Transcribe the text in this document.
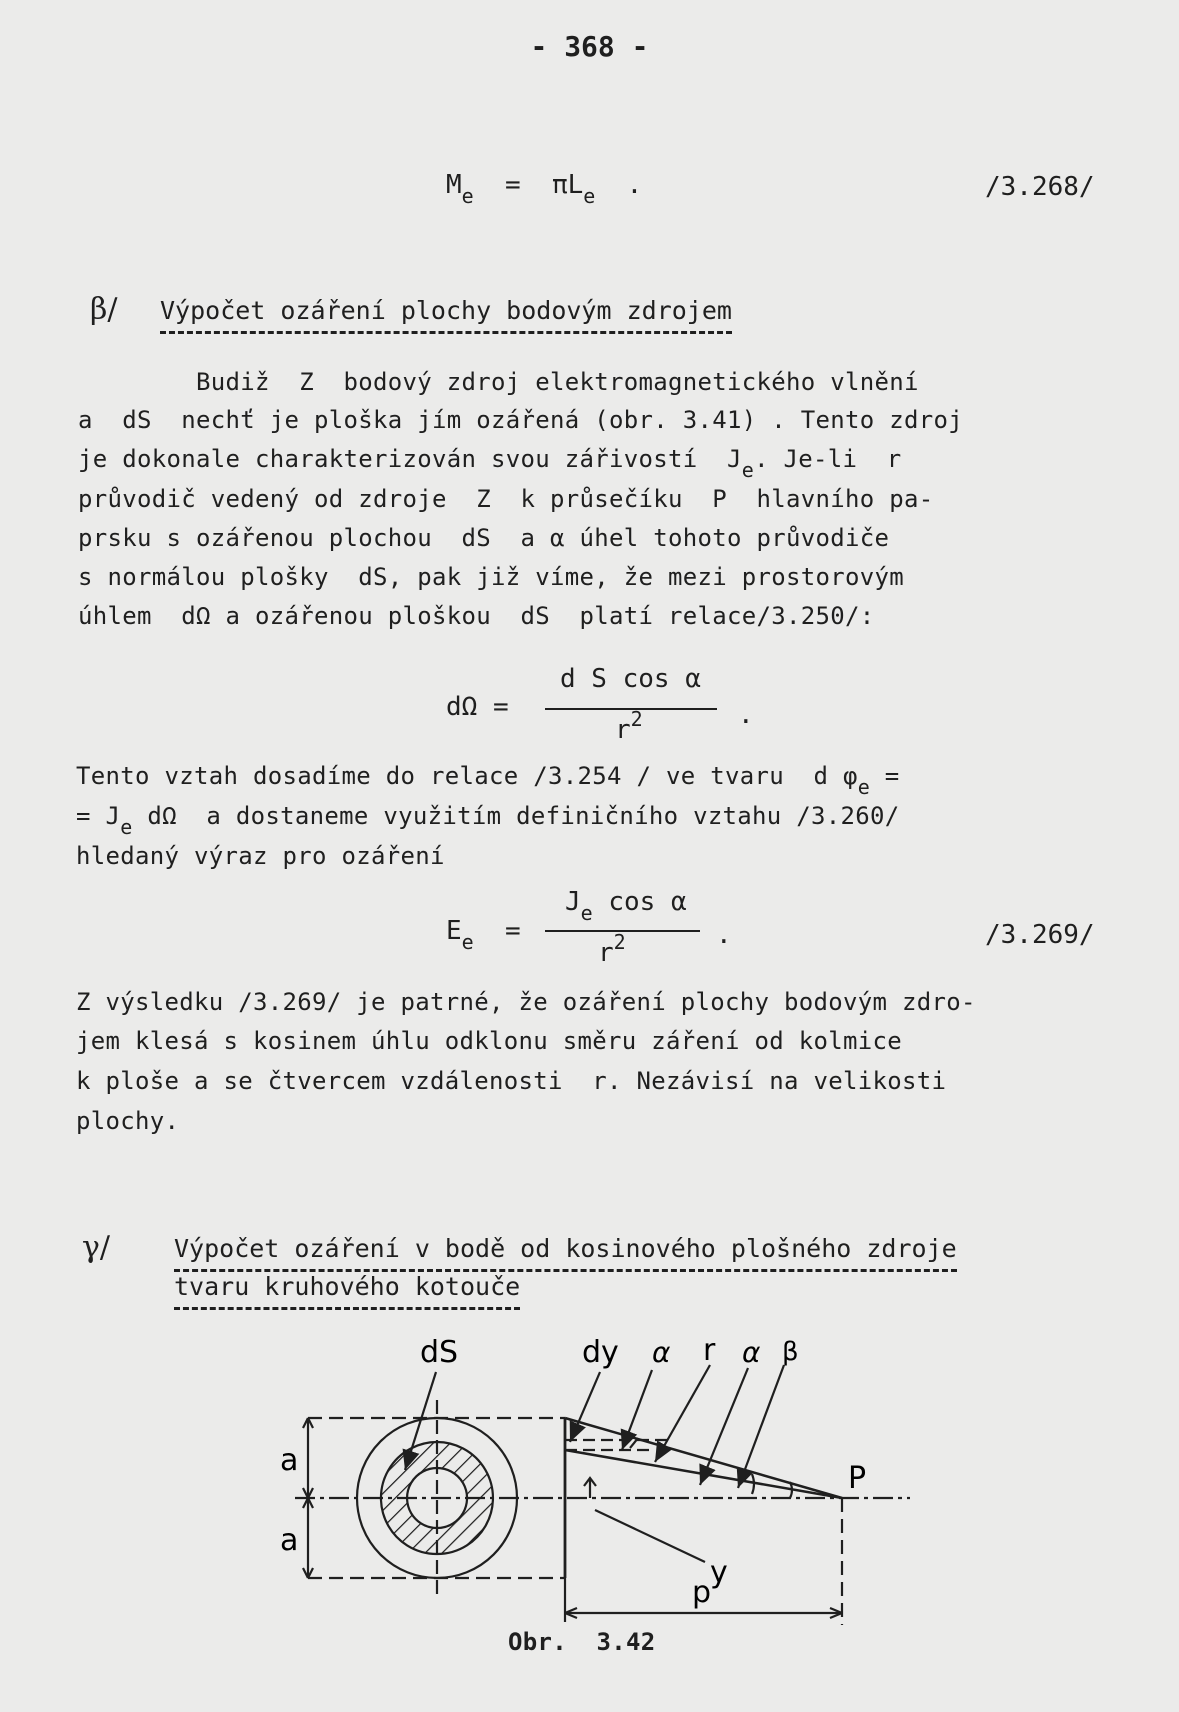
- 368 -
$M_e = \pi L_e$ .	/3.268/
β/ Výpočet ozáření plochy bodovým zdrojem
Budiž  Z  bodový zdroj elektromagnetického vlnění
a  dS  nechť je ploška jím ozářená (obr. 3.41) . Tento zdroj
je dokonale charakterizován svou zářivostí  $J_e$. Je-li  r
průvodič vedený od zdroje  Z  k průsečíku  P  hlavního pa-
prsku s ozářenou plochou  dS  a α úhel tohoto průvodiče
s normálou plošky  dS, pak již víme, že mezi prostorovým
úhlem  dΩ a ozářenou ploškou  dS  platí relace/3.250/:
dΩ =
d S cos α
$r^2$	.
Tento vztah dosadíme do relace /3.254 / ve tvaru  d $\varphi_e$ =
= $J_e$ dΩ  a dostaneme využitím definičního vztahu /3.260/
hledaný výraz pro ozáření
$E_e$ =
$J_e$ cos α
$r^2$	.	/3.269/
Z výsledku /3.269/ je patrné, že ozáření plochy bodovým zdro-
jem klesá s kosinem úhlu odklonu směru záření od kolmice
k ploše a se čtvercem vzdálenosti  r. Nezávisí na velikosti
plochy.
γ/	Výpočet ozáření v bodě od kosinového plošného zdroje
tvaru kruhového kotouče
dS	dy α r α β
P
a
a
y
p
Obr.  3.42
